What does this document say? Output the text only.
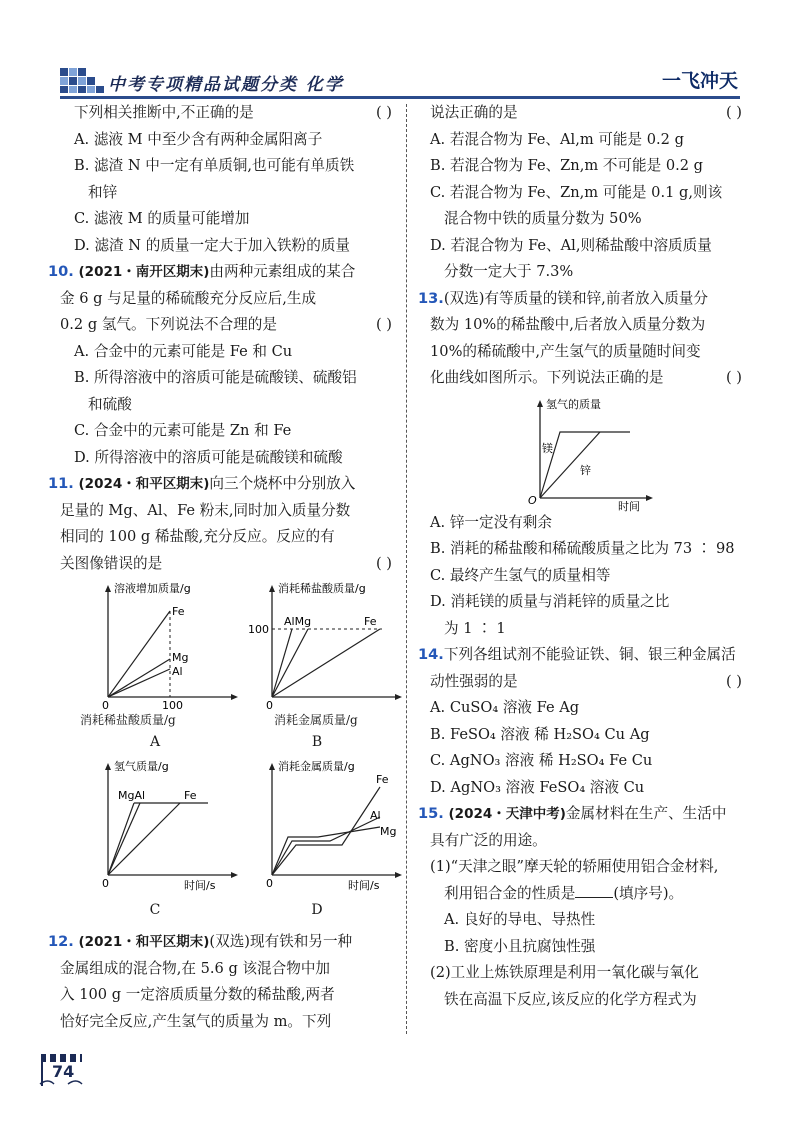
中考专项精品试题分类 化学	一飞冲天

下列相关推断中,不正确的是	( )

A. 滤液 M 中至少含有两种金属阳离子

B. 滤渣 N 中一定有单质铜,也可能有单质铁

和锌

C. 滤液 M 的质量可能增加

D. 滤渣 N 的质量一定大于加入铁粉的质量

10. (2021・南开区期末)由两种元素组成的某合

金 6 g 与足量的稀硫酸充分反应后,生成

0.2 g 氢气。下列说法不合理的是	( )

A. 合金中的元素可能是 Fe 和 Cu

B. 所得溶液中的溶质可能是硫酸镁、硫酸铝

和硫酸

C. 合金中的元素可能是 Zn 和 Fe

D. 所得溶液中的溶质可能是硫酸镁和硫酸

11. (2024・和平区期末)向三个烧杯中分别放入

足量的 Mg、Al、Fe 粉末,同时加入质量分数

相同的 100 g 稀盐酸,充分反应。反应的有

关图像错误的是	( )

溶液增加质量/g
Fe
Mg
Al
0	100
消耗稀盐酸质量/g
A
消耗稀盐酸质量/g
AlMg	Fe
100
0
消耗金属质量/g
B
氢气质量/g
MgAl	Fe
0	时间/s
C
消耗金属质量/g
Fe
Al
Mg
0	时间/s
D

12. (2021・和平区期末)(双选)现有铁和另一种

金属组成的混合物,在 5.6 g 该混合物中加

入 100 g 一定溶质质量分数的稀盐酸,两者

恰好完全反应,产生氢气的质量为 m。下列

说法正确的是	( )

A. 若混合物为 Fe、Al,m 可能是 0.2 g

B. 若混合物为 Fe、Zn,m 不可能是 0.2 g

C. 若混合物为 Fe、Zn,m 可能是 0.1 g,则该

混合物中铁的质量分数为 50%

D. 若混合物为 Fe、Al,则稀盐酸中溶质质量

分数一定大于 7.3%

13.(双选)有等质量的镁和锌,前者放入质量分

数为 10%的稀盐酸中,后者放入质量分数为

10%的稀硫酸中,产生氢气的质量随时间变

化曲线如图所示。下列说法正确的是	( )

氢气的质量
镁
锌
O	时间

A. 锌一定没有剩余

B. 消耗的稀盐酸和稀硫酸质量之比为 73 ∶ 98

C. 最终产生氢气的质量相等

D. 消耗镁的质量与消耗锌的质量之比

为 1 ∶ 1

14.下列各组试剂不能验证铁、铜、银三种金属活

动性强弱的是	( )

A. CuSO₄ 溶液 Fe Ag

B. FeSO₄ 溶液 稀 H₂SO₄ Cu Ag

C. AgNO₃ 溶液 稀 H₂SO₄ Fe Cu

D. AgNO₃ 溶液 FeSO₄ 溶液 Cu

15. (2024・天津中考)金属材料在生产、生活中

具有广泛的用途。

(1)“天津之眼”摩天轮的轿厢使用铝合金材料,

利用铝合金的性质是	(填序号)。

A. 良好的导电、导热性

B. 密度小且抗腐蚀性强

(2)工业上炼铁原理是利用一氧化碳与氧化

铁在高温下反应,该反应的化学方程式为

74
